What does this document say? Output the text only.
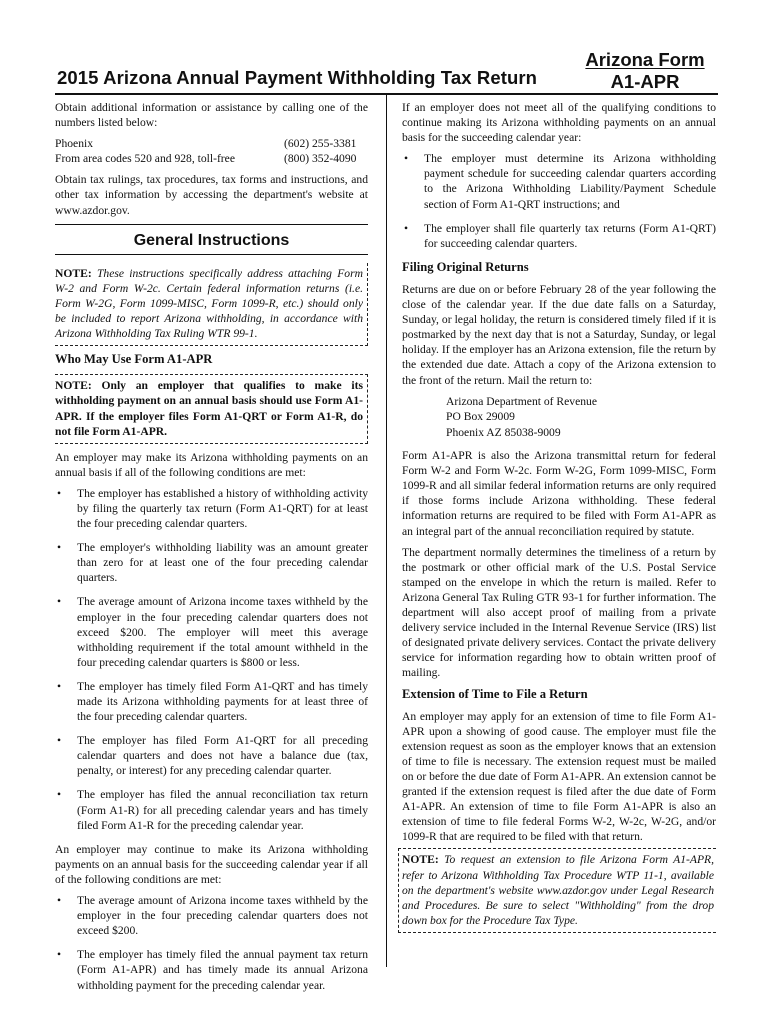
2015 Arizona Annual Payment Withholding Tax Return
Arizona Form
A1-APR

Obtain additional information or assistance by calling one of the numbers listed below:

Phoenix	(602) 255-3381
From area codes 520 and 928, toll-free	(800) 352-4090

Obtain tax rulings, tax procedures, tax forms and instructions, and other tax information by accessing the department's website at www.azdor.gov.

General Instructions
NOTE: These instructions specifically address attaching Form W-2 and Form W-2c. Certain federal information returns (i.e. Form W-2G, Form 1099-MISC, Form 1099-R, etc.) should only be included to report Arizona withholding, in accordance with Arizona Withholding Tax Ruling WTR 99-1.
Who May Use Form A1-APR
NOTE: Only an employer that qualifies to make its withholding payment on an annual basis should use Form A1-APR. If the employer files Form A1-QRT or Form A1-R, do not file Form A1-APR.

An employer may make its Arizona withholding payments on an annual basis if all of the following conditions are met:

• The employer has established a history of withholding activity by filing the quarterly tax return (Form A1-QRT) for at least the four preceding calendar quarters.
• The employer's withholding liability was an amount greater than zero for at least one of the four preceding calendar quarters.
• The average amount of Arizona income taxes withheld by the employer in the four preceding calendar quarters does not exceed $200. The employer will meet this average withholding requirement if the total amount withheld in the four preceding calendar quarters is $800 or less.
• The employer has timely filed Form A1-QRT and has timely made its Arizona withholding payments for at least three of the four preceding calendar quarters.
• The employer has filed Form A1-QRT for all preceding calendar quarters and does not have a balance due (tax, penalty, or interest) for any preceding calendar quarter.
• The employer has filed the annual reconciliation tax return (Form A1-R) for all preceding calendar years and has timely filed Form A1-R for the preceding calendar year.

An employer may continue to make its Arizona withholding payments on an annual basis for the succeeding calendar year if all of the following conditions are met:

• The average amount of Arizona income taxes withheld by the employer in the four preceding calendar quarters does not exceed $200.
• The employer has timely filed the annual payment tax return (Form A1-APR) and has timely made its annual Arizona withholding payment for the preceding calendar year.

If an employer does not meet all of the qualifying conditions to continue making its Arizona withholding payments on an annual basis for the succeeding calendar year:

• The employer must determine its Arizona withholding payment schedule for succeeding calendar quarters according to the Arizona Withholding Liability/Payment Schedule section of Form A1-QRT instructions; and
• The employer shall file quarterly tax returns (Form A1-QRT) for succeeding calendar quarters.
Filing Original Returns

Returns are due on or before February 28 of the year following the close of the calendar year. If the due date falls on a Saturday, Sunday, or legal holiday, the return is considered timely filed if it is postmarked by the next day that is not a Saturday, Sunday, or legal holiday. If the employer has an Arizona extension, file the return by the extended due date. Attach a copy of the Arizona extension to the front of the return. Mail the return to:

Arizona Department of Revenue
PO Box 29009
Phoenix AZ 85038-9009

Form A1-APR is also the Arizona transmittal return for federal Form W-2 and Form W-2c. Form W-2G, Form 1099-MISC, Form 1099-R and all similar federal information returns are only required if those forms include Arizona withholding. These federal information returns are required to be filed with Form A1-APR as an integral part of the annual reconciliation required by statute.

The department normally determines the timeliness of a return by the postmark or other official mark of the U.S. Postal Service stamped on the envelope in which the return is mailed. Refer to Arizona General Tax Ruling GTR 93-1 for further information. The department will also accept proof of mailing from a private delivery service included in the Internal Revenue Service (IRS) list of designated private delivery services. Contact the private delivery service for information regarding how to obtain written proof of mailing.

Extension of Time to File a Return

An employer may apply for an extension of time to file Form A1-APR upon a showing of good cause. The employer must file the extension request as soon as the employer knows that an extension of time to file is necessary. The extension request must be mailed on or before the due date of Form A1-APR. An extension cannot be granted if the extension request is filed after the due date of Form A1-APR. An extension of time to file Form A1-APR is also an extension of time to file federal Forms W-2, W-2c, W-2G, and/or 1099-R that are required to be filed with that return.

NOTE: To request an extension to file Arizona Form A1-APR, refer to Arizona Withholding Tax Procedure WTP 11-1, available on the department's website www.azdor.gov under Legal Research and Procedures. Be sure to select "Withholding" from the drop down box for the Procedure Tax Type.
